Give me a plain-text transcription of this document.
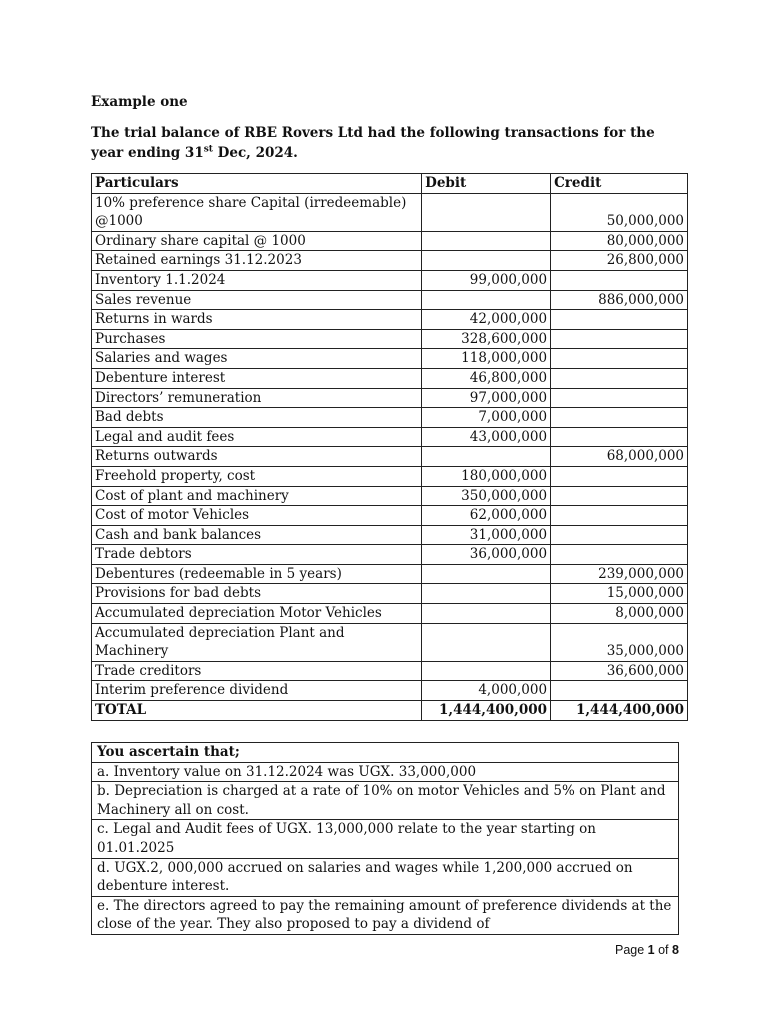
Example one
The trial balance of RBE Rovers Ltd had the following transactions for the year ending 31st Dec, 2024.
Particulars	Debit	Credit
10% preference share Capital (irredeemable) @1000		50,000,000
Ordinary share capital @ 1000		80,000,000
Retained earnings 31.12.2023		26,800,000
Inventory 1.1.2024	99,000,000	
Sales revenue		886,000,000
Returns in wards	42,000,000	
Purchases	328,600,000	
Salaries and wages	118,000,000	
Debenture interest	46,800,000	
Directors’ remuneration	97,000,000	
Bad debts	7,000,000	
Legal and audit fees	43,000,000	
Returns outwards		68,000,000
Freehold property, cost	180,000,000	
Cost of plant and machinery	350,000,000	
Cost of motor Vehicles	62,000,000	
Cash and bank balances	31,000,000	
Trade debtors	36,000,000	
Debentures (redeemable in 5 years)		239,000,000
Provisions for bad debts		15,000,000
Accumulated depreciation Motor Vehicles		8,000,000
Accumulated depreciation Plant and Machinery		35,000,000
Trade creditors		36,600,000
Interim preference dividend	4,000,000	
TOTAL	1,444,400,000	1,444,400,000
You ascertain that;
a. Inventory value on 31.12.2024 was UGX. 33,000,000
b. Depreciation is charged at a rate of 10% on motor Vehicles and 5% on Plant and Machinery all on cost.
c. Legal and Audit fees of UGX. 13,000,000 relate to the year starting on 01.01.2025
d. UGX.2, 000,000 accrued on salaries and wages while 1,200,000 accrued on debenture interest.
e. The directors agreed to pay the remaining amount of preference dividends at the close of the year. They also proposed to pay a dividend of
Page 1 of 8
